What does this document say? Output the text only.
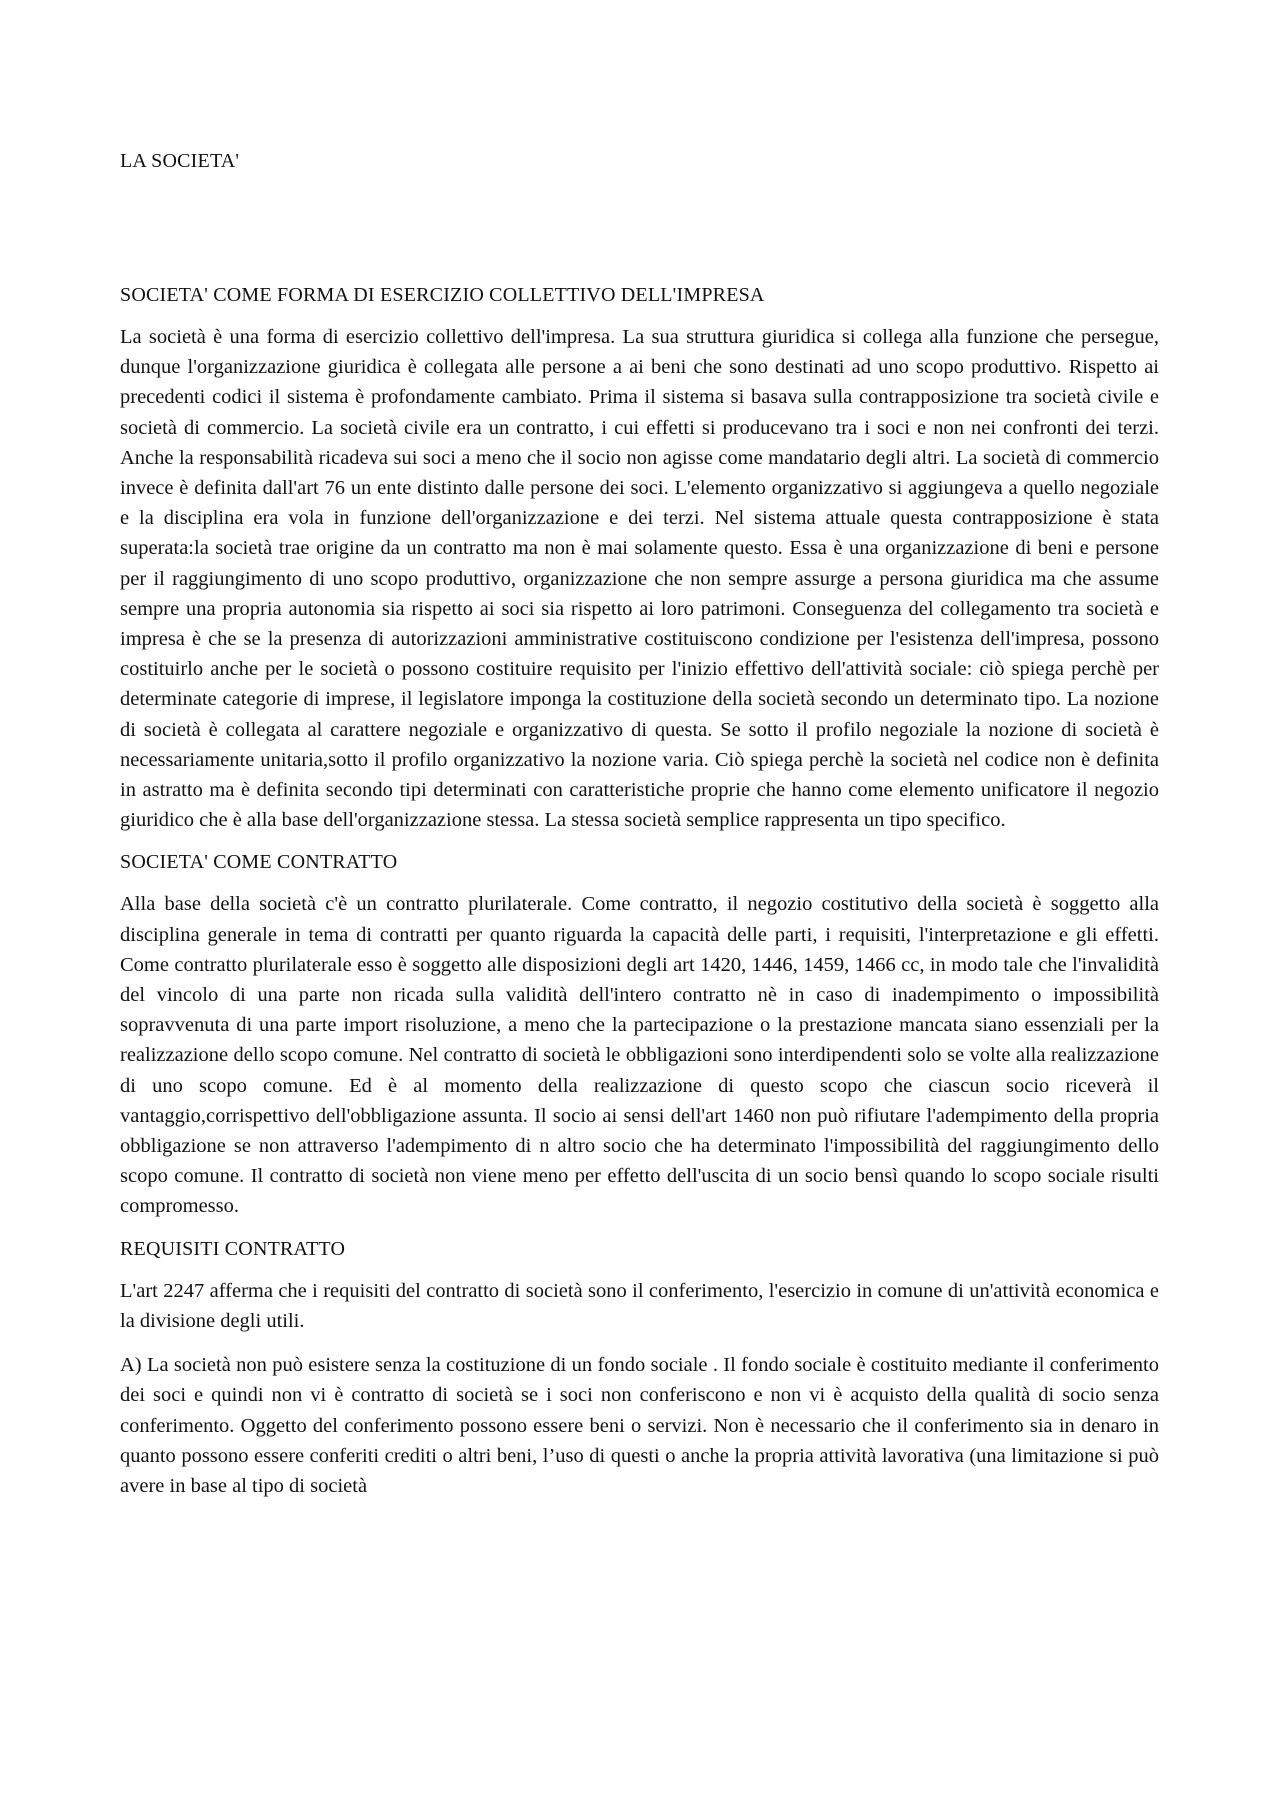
LA SOCIETA'
SOCIETA' COME FORMA DI ESERCIZIO COLLETTIVO DELL'IMPRESA

La società è una forma di esercizio collettivo dell'impresa. La sua struttura giuridica si collega alla funzione che persegue, dunque l'organizzazione giuridica è collegata alle persone a ai beni che sono destinati ad uno scopo produttivo. Rispetto ai precedenti codici il sistema è profondamente cambiato. Prima il sistema si basava sulla contrapposizione tra società civile e società di commercio. La società civile era un contratto, i cui effetti si producevano tra i soci e non nei confronti dei terzi. Anche la responsabilità ricadeva sui soci a meno che il socio non agisse come mandatario degli altri. La società di commercio invece è definita dall'art 76 un ente distinto dalle persone dei soci. L'elemento organizzativo si aggiungeva a quello negoziale e la disciplina era vola in funzione dell'organizzazione e dei terzi. Nel sistema attuale questa contrapposizione è stata superata:la società trae origine da un contratto ma non è mai solamente questo. Essa è una organizzazione di beni e persone per il raggiungimento di uno scopo produttivo, organizzazione che non sempre assurge a persona giuridica ma che assume sempre una propria autonomia sia rispetto ai soci sia rispetto ai loro patrimoni. Conseguenza del collegamento tra società e impresa è che se la presenza di autorizzazioni amministrative costituiscono condizione per l'esistenza dell'impresa, possono costituirlo anche per le società o possono costituire requisito per l'inizio effettivo dell'attività sociale: ciò spiega perchè per determinate categorie di imprese, il legislatore imponga la costituzione della società secondo un determinato tipo. La nozione di società è collegata al carattere negoziale e organizzativo di questa. Se sotto il profilo negoziale la nozione di società è necessariamente unitaria,sotto il profilo organizzativo la nozione varia. Ciò spiega perchè la società nel codice non è definita in astratto ma è definita secondo tipi determinati con caratteristiche proprie che hanno come elemento unificatore il negozio giuridico che è alla base dell'organizzazione stessa. La stessa società semplice rappresenta un tipo specifico.

SOCIETA' COME CONTRATTO

Alla base della società c'è un contratto plurilaterale. Come contratto, il negozio costitutivo della società è soggetto alla disciplina generale in tema di contratti per quanto riguarda la capacità delle parti, i requisiti, l'interpretazione e gli effetti. Come contratto plurilaterale esso è soggetto alle disposizioni degli art 1420, 1446, 1459, 1466 cc, in modo tale che l'invalidità del vincolo di una parte non ricada sulla validità dell'intero contratto nè in caso di inadempimento o impossibilità sopravvenuta di una parte import risoluzione, a meno che la partecipazione o la prestazione mancata siano essenziali per la realizzazione dello scopo comune. Nel contratto di società le obbligazioni sono interdipendenti solo se volte alla realizzazione di uno scopo comune. Ed è al momento della realizzazione di questo scopo che ciascun socio riceverà il vantaggio,corrispettivo dell'obbligazione assunta. Il socio ai sensi dell'art 1460 non può rifiutare l'adempimento della propria obbligazione se non attraverso l'adempimento di n altro socio che ha determinato l'impossibilità del raggiungimento dello scopo comune. Il contratto di società non viene meno per effetto dell'uscita di un socio bensì quando lo scopo sociale risulti compromesso.

REQUISITI CONTRATTO

L'art 2247 afferma che i requisiti del contratto di società sono il conferimento, l'esercizio in comune di un'attività economica e la divisione degli utili.

A) La società non può esistere senza la costituzione di un fondo sociale . Il fondo sociale è costituito mediante il conferimento dei soci e quindi non vi è contratto di società se i soci non conferiscono e non vi è acquisto della qualità di socio senza conferimento. Oggetto del conferimento possono essere beni o servizi. Non è necessario che il conferimento sia in denaro in quanto possono essere conferiti crediti o altri beni, l’uso di questi o anche la propria attività lavorativa (una limitazione si può avere in base al tipo di società
